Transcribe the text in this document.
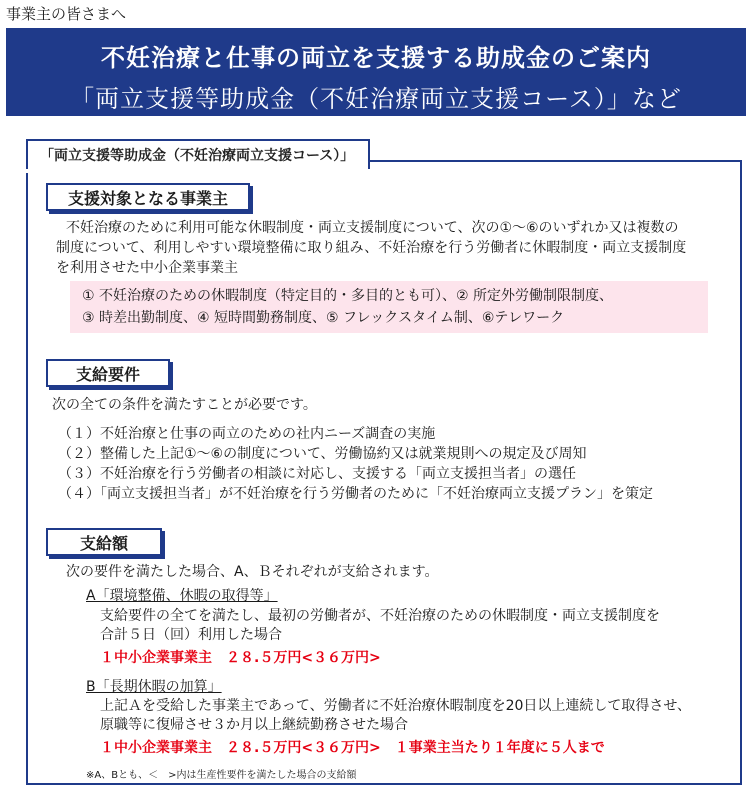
事業主の皆さまへ
不妊治療と仕事の両立を支援する助成金のご案内
「両立支援等助成金（不妊治療両立支援コース）」など
「両立支援等助成金（不妊治療両立支援コース）」
支援対象となる事業主
不妊治療のために利用可能な休暇制度・両立支援制度について、次の①～⑥のいずれか又は複数の
制度について、利用しやすい環境整備に取り組み、不妊治療を行う労働者に休暇制度・両立支援制度
を利用させた中小企業事業主
① 不妊治療のための休暇制度（特定目的・多目的とも可）、② 所定外労働制限制度、
③ 時差出勤制度、④ 短時間勤務制度、⑤ フレックスタイム制、⑥テレワーク
支給要件
次の全ての条件を満たすことが必要です。
（１）不妊治療と仕事の両立のための社内ニーズ調査の実施
（２）整備した上記①～⑥の制度について、労働協約又は就業規則への規定及び周知
（３）不妊治療を行う労働者の相談に対応し、支援する「両立支援担当者」の選任
（４）「両立支援担当者」が不妊治療を行う労働者のために「不妊治療両立支援プラン」を策定
支給額
次の要件を満たした場合、A、Ｂそれぞれが支給されます。
A「環境整備、休暇の取得等」
支給要件の全てを満たし、最初の労働者が、不妊治療のための休暇制度・両立支援制度を
合計５日（回）利用した場合
１中小企業事業主　２８.５万円<３６万円>
B「長期休暇の加算」
上記Ａを受給した事業主であって、労働者に不妊治療休暇制度を20日以上連続して取得させ、
原職等に復帰させ３か月以上継続勤務させた場合
１中小企業事業主　２８.５万円<３６万円>　１事業主当たり１年度に５人まで
※A、Bとも、＜　>内は生産性要件を満たした場合の支給額
